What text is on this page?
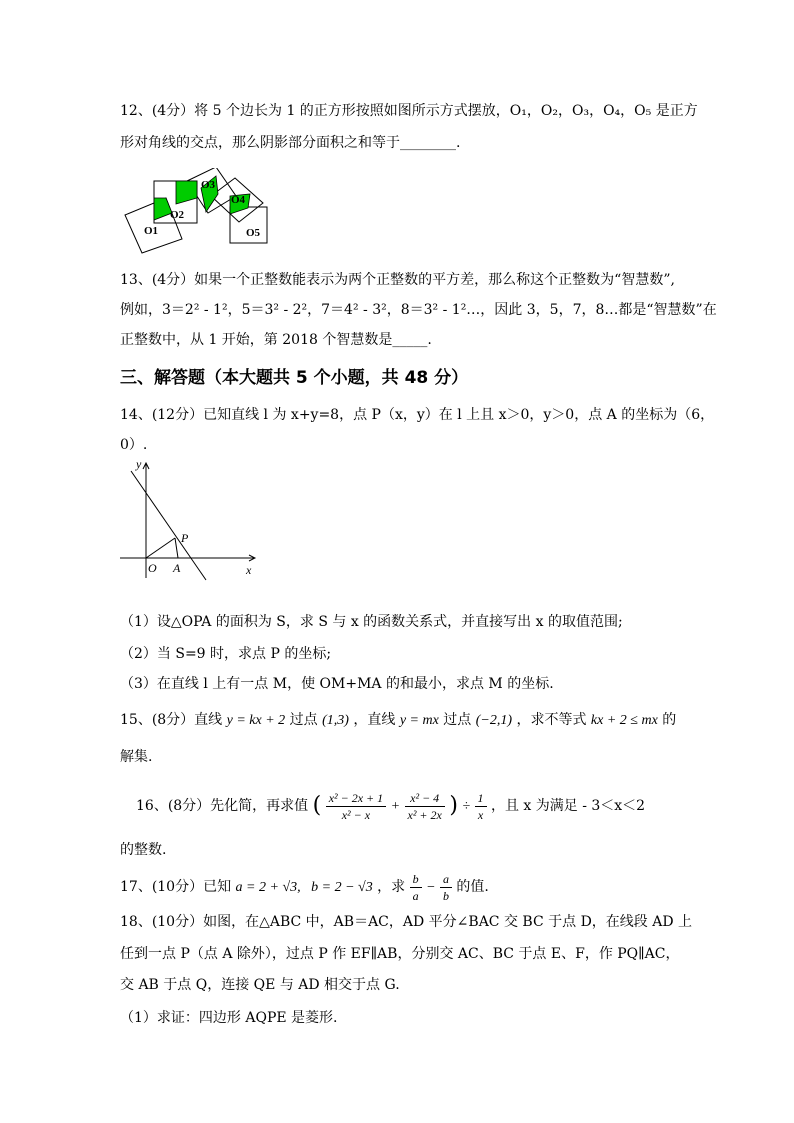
12、(4分）将 5 个边长为 1 的正方形按照如图所示方式摆放，O₁，O₂，O₃，O₄，O₅ 是正方
形对角线的交点，那么阴影部分面积之和等于________.
O1
O2
O3
O4
O5
13、(4分）如果一个正整数能表示为两个正整数的平方差，那么称这个正整数为“智慧数”,
例如，3＝2² - 1²，5＝3² - 2²，7＝4² - 3²，8＝3² - 1²…，因此 3，5，7，8…都是“智慧数”在
正整数中，从 1 开始，第 2018 个智慧数是_____.
三、解答题（本大题共 5 个小题，共 48 分）
14、(12分）已知直线 l 为 x+y=8，点 P（x，y）在 l 上且 x＞0，y＞0，点 A 的坐标为（6，
0）.
y
x
O A
P
（1）设△OPA 的面积为 S，求 S 与 x 的函数关系式，并直接写出 x 的取值范围;
（2）当 S=9 时，求点 P 的坐标;
（3）在直线 l 上有一点 M，使 OM+MA 的和最小，求点 M 的坐标.
15、(8分）直线 y = kx + 2 过点 (1,3) ，直线 y = mx 过点 (−2,1) ，求不等式 kx + 2 ≤ mx 的
解集.
16、(8分）先化简，再求值 ( $\frac{\text{x² − 2x + 1}}{\text{x² − x}} + \frac{\text{x² − 4}}{\text{x² + 2x}}$ ) ÷ $\frac{1}{x}$ ，且 x 为满足 - 3＜x＜2
的整数.
17、(10分）已知 a = 2 + √3,   b = 2 − √3 ，求 $\frac{b}{a} - \frac{a}{b}$ 的值.
18、(10分）如图，在△ABC 中，AB＝AC，AD 平分∠BAC 交 BC 于点 D，在线段 AD 上
任到一点 P（点 A 除外），过点 P 作 EF∥AB，分别交 AC、BC 于点 E、F，作 PQ∥AC，
交 AB 于点 Q，连接 QE 与 AD 相交于点 G.
（1）求证：四边形 AQPE 是菱形.
